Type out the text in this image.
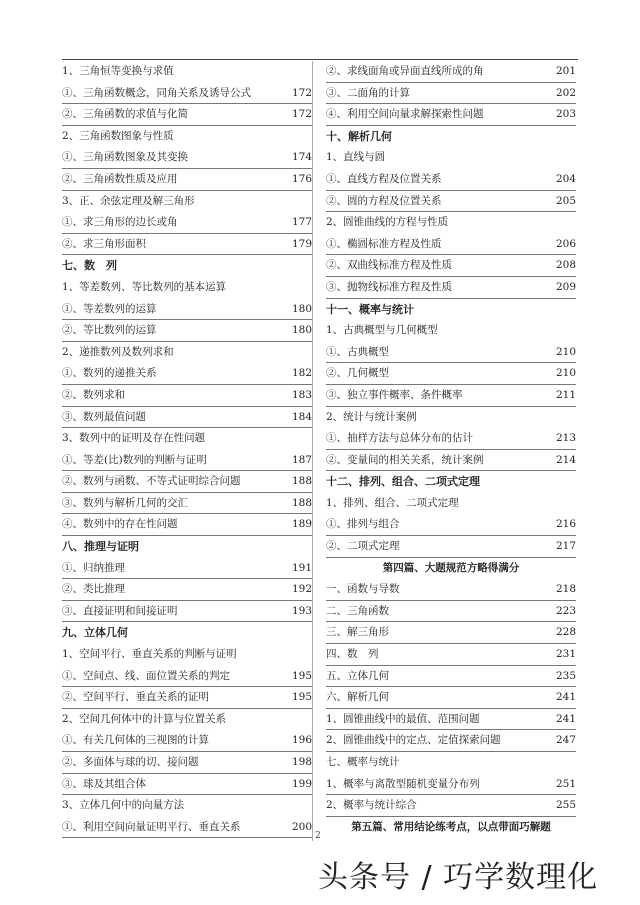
1、三角恒等变换与求值
①、三角函数概念，同角关系及诱导公式	172
②、三角函数的求值与化简	172
2、三角函数图象与性质
①、三角函数图象及其变换	174
②、三角函数性质及应用	176
3、正、余弦定理及解三角形
①、求三角形的边长或角	177
②、求三角形面积	179
七、数　列
1、等差数列、等比数列的基本运算
①、等差数列的运算	180
②、等比数列的运算	180
2、递推数列及数列求和
①、数列的递推关系	182
②、数列求和	183
③、数列最值问题	184
3、数列中的证明及存在性问题
①、等差(比)数列的判断与证明	187
②、数列与函数、不等式证明综合问题	188
③、数列与解析几何的交汇	188
④、数列中的存在性问题	189
八、推理与证明
①、归纳推理	191
②、类比推理	192
③、直接证明和间接证明	193
九、立体几何
1、空间平行、垂直关系的判断与证明
①、空间点、线、面位置关系的判定	195
②、空间平行、垂直关系的证明	195
2、空间几何体中的计算与位置关系
①、有关几何体的三视图的计算	196
②、多面体与球的切、接问题	198
③、球及其组合体	199
3、立体几何中的向量方法
①、利用空间向量证明平行、垂直关系	200
②、求线面角或异面直线所成的角	201
③、二面角的计算	202
④、利用空间向量求解探索性问题	203
十、解析几何
1、直线与圆
①、直线方程及位置关系	204
②、圆的方程及位置关系	205
2、圆锥曲线的方程与性质
①、椭圆标准方程及性质	206
②、双曲线标准方程及性质	208
③、抛物线标准方程及性质	209
十一、概率与统计
1、古典概型与几何概型
①、古典概型	210
②、几何概型	210
③、独立事件概率、条件概率	211
2、统计与统计案例
①、抽样方法与总体分布的估计	213
②、变量间的相关关系，统计案例	214
十二、排列、组合、二项式定理
1、排列、组合、二项式定理
①、排列与组合	216
②、二项式定理	217
第四篇、大题规范方略得满分
一、函数与导数	218
二、三角函数	223
三、解三角形	228
四、数　列	231
五、立体几何	235
六、解析几何	241
1、圆锥曲线中的最值、范围问题	241
2、圆锥曲线中的定点、定值探索问题	247
七、概率与统计
1、概率与离散型随机变量分布列	251
2、概率与统计综合	255
第五篇、常用结论练考点，以点带面巧解题
2
头条号 / 巧学数理化
